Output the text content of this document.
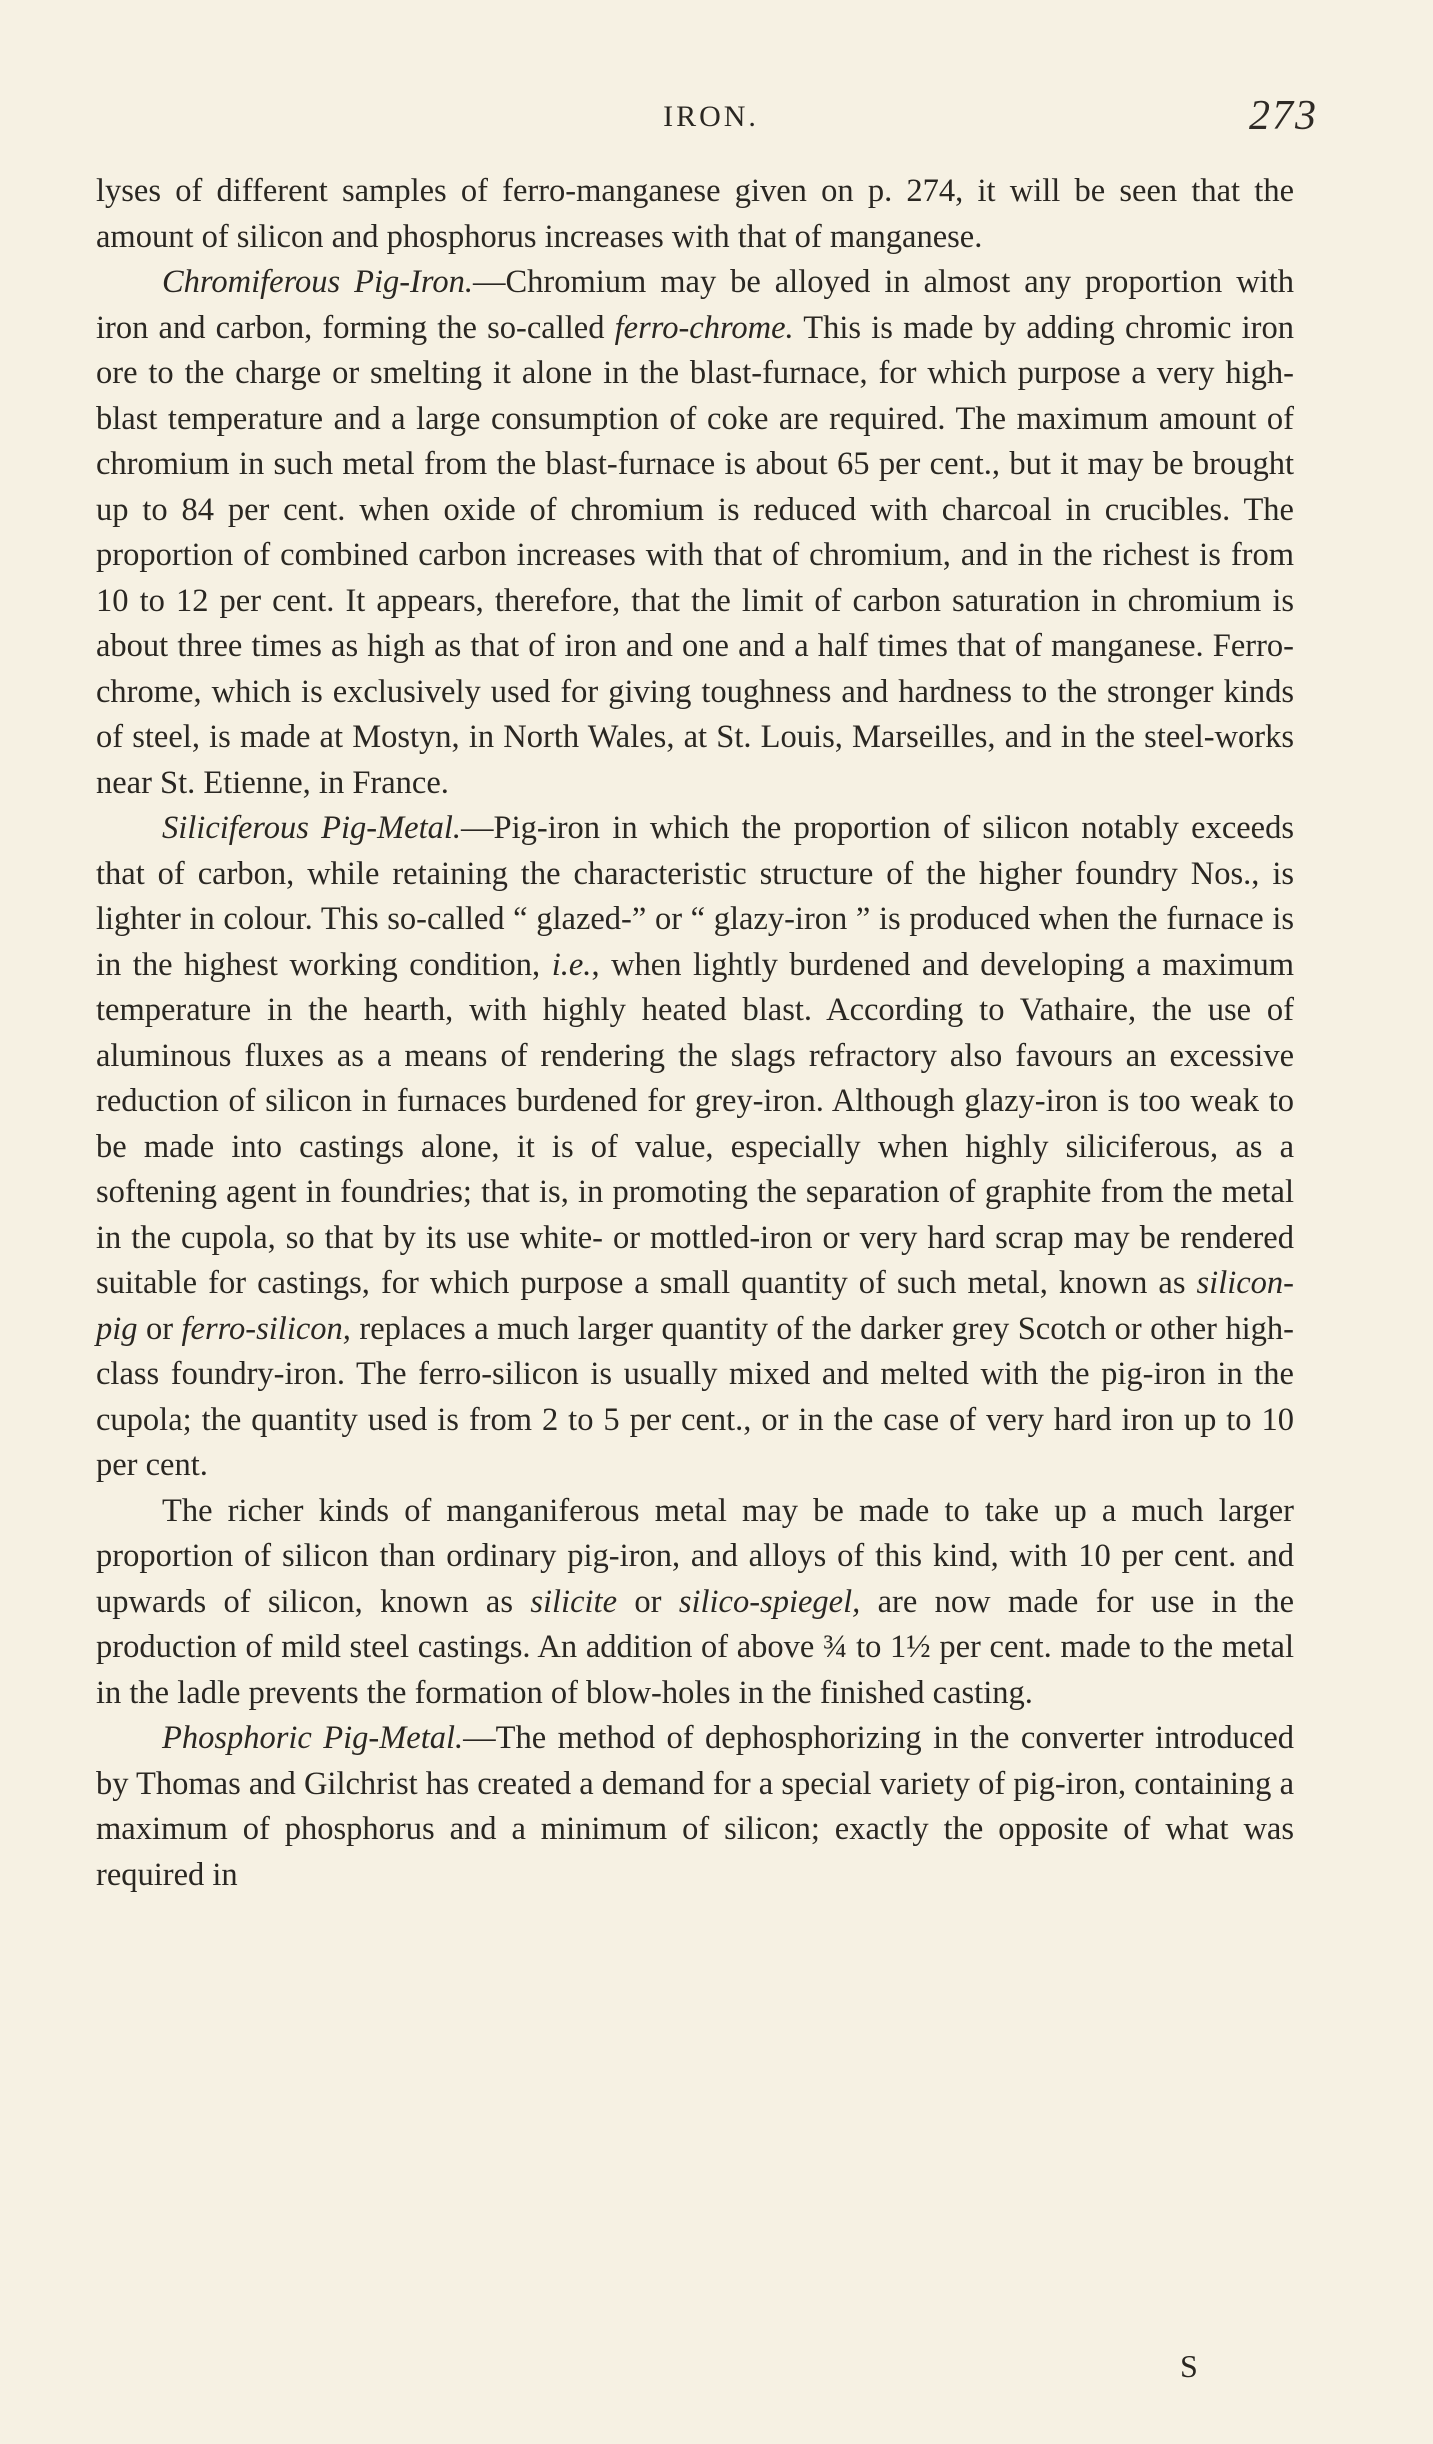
IRON.	273

lyses of different samples of ferro-manganese given on p. 274, it will be seen that the amount of silicon and phosphorus increases with that of manganese.

Chromiferous Pig-Iron.—Chromium may be alloyed in almost any proportion with iron and carbon, forming the so-called ferro-chrome. This is made by adding chromic iron ore to the charge or smelting it alone in the blast-furnace, for which purpose a very high-blast temperature and a large consumption of coke are required. The maximum amount of chromium in such metal from the blast-furnace is about 65 per cent., but it may be brought up to 84 per cent. when oxide of chromium is reduced with charcoal in crucibles. The proportion of combined carbon increases with that of chromium, and in the richest is from 10 to 12 per cent. It appears, therefore, that the limit of carbon saturation in chromium is about three times as high as that of iron and one and a half times that of manganese. Ferro-chrome, which is exclusively used for giving toughness and hardness to the stronger kinds of steel, is made at Mostyn, in North Wales, at St. Louis, Marseilles, and in the steel-works near St. Etienne, in France.

Siliciferous Pig-Metal.—Pig-iron in which the proportion of silicon notably exceeds that of carbon, while retaining the characteristic structure of the higher foundry Nos., is lighter in colour. This so-called “ glazed-” or “ glazy-iron ” is produced when the furnace is in the highest working condition, i.e., when lightly burdened and developing a maximum temperature in the hearth, with highly heated blast. According to Vathaire, the use of aluminous fluxes as a means of rendering the slags refractory also favours an excessive reduction of silicon in furnaces burdened for grey-iron. Although glazy-iron is too weak to be made into castings alone, it is of value, especially when highly siliciferous, as a softening agent in foundries; that is, in promoting the separation of graphite from the metal in the cupola, so that by its use white- or mottled-iron or very hard scrap may be rendered suitable for castings, for which purpose a small quantity of such metal, known as silicon-pig or ferro-silicon, replaces a much larger quantity of the darker grey Scotch or other high-class foundry-iron. The ferro-silicon is usually mixed and melted with the pig-iron in the cupola; the quantity used is from 2 to 5 per cent., or in the case of very hard iron up to 10 per cent.

The richer kinds of manganiferous metal may be made to take up a much larger proportion of silicon than ordinary pig-iron, and alloys of this kind, with 10 per cent. and upwards of silicon, known as silicite or silico-spiegel, are now made for use in the production of mild steel castings. An addition of above ¾ to 1½ per cent. made to the metal in the ladle prevents the formation of blow-holes in the finished casting.

Phosphoric Pig-Metal.—The method of dephosphorizing in the converter introduced by Thomas and Gilchrist has created a demand for a special variety of pig-iron, containing a maximum of phosphorus and a minimum of silicon; exactly the opposite of what was required in

S
